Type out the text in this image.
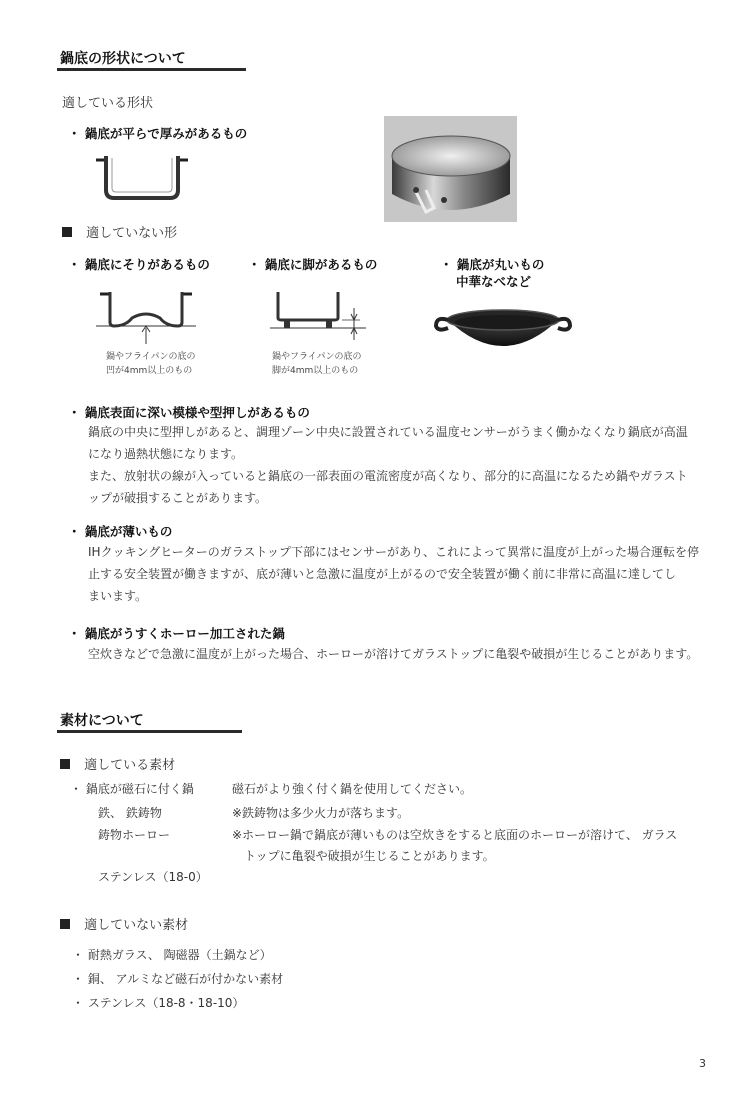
鍋底の形状について
適している形状
・ 鍋底が平らで厚みがあるもの
適していない形
・ 鍋底にそりがあるもの	・ 鍋底に脚があるもの	・ 鍋底が丸いもの
中華なべなど
鍋やフライパンの底の
凹が4mm以上のもの
鍋やフライパンの底の
脚が4mm以上のもの
・ 鍋底表面に深い模様や型押しがあるもの
鍋底の中央に型押しがあると、調理ゾーン中央に設置されている温度センサーがうまく働かなくなり鍋底が高温
になり過熱状態になります。
また、放射状の線が入っていると鍋底の一部表面の電流密度が高くなり、部分的に高温になるため鍋やガラスト
ップが破損することがあります。
・ 鍋底が薄いもの
IHクッキングヒーターのガラストップ下部にはセンサーがあり、これによって異常に温度が上がった場合運転を停
止する安全装置が働きますが、底が薄いと急激に温度が上がるので安全装置が働く前に非常に高温に達してし
まいます。
・ 鍋底がうすくホーロー加工された鍋
空炊きなどで急激に温度が上がった場合、ホーローが溶けてガラストップに亀裂や破損が生じることがあります。
素材について
適している素材
・ 鍋底が磁石に付く鍋	磁石がより強く付く鍋を使用してください。
鉄、 鉄鋳物	※鉄鋳物は多少火力が落ちます。
鋳物ホーロー	※ホーロー鍋で鍋底が薄いものは空炊きをすると底面のホーローが溶けて、 ガラス
トップに亀裂や破損が生じることがあります。
ステンレス（18-0）
適していない素材
・ 耐熱ガラス、 陶磁器（土鍋など）
・ 銅、 アルミなど磁石が付かない素材
・ ステンレス（18-8・18-10）
3
